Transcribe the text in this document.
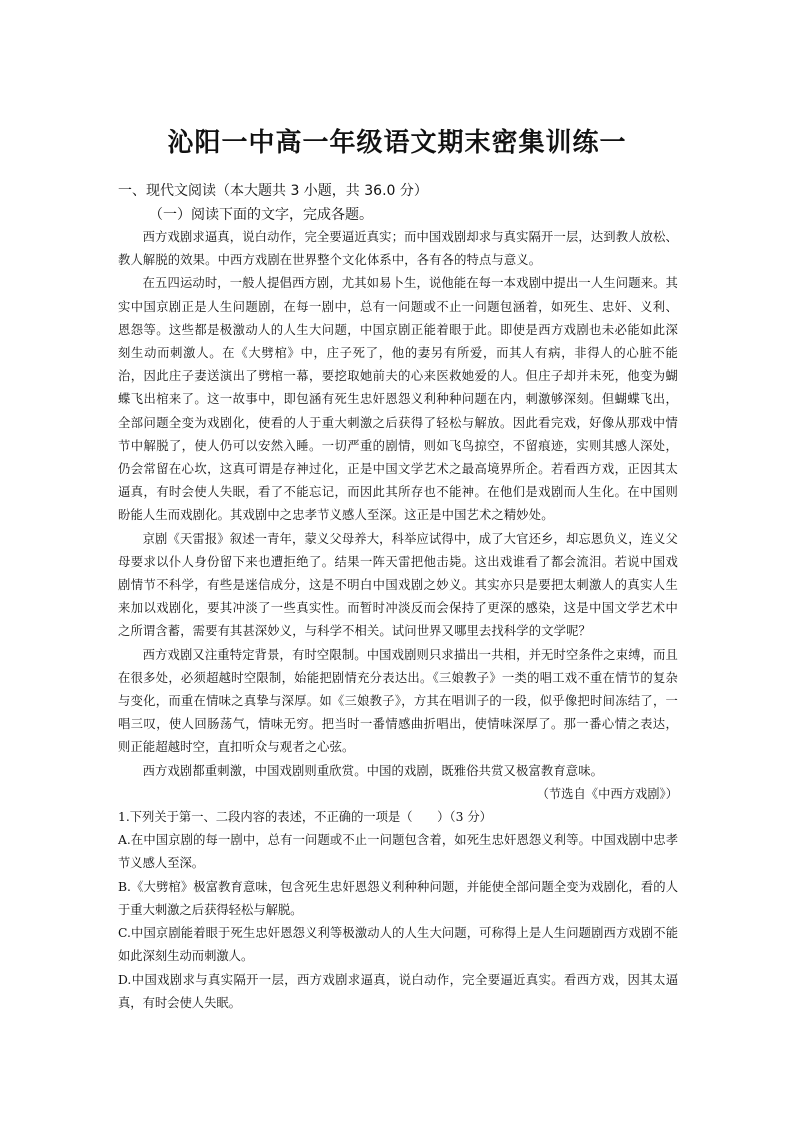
沁阳一中高一年级语文期末密集训练一
一、现代文阅读（本大题共 3 小题，共 36.0 分）
（一）阅读下面的文字，完成各题。

西方戏剧求逼真，说白动作，完全要逼近真实；而中国戏剧却求与真实隔开一层，达到教人放松、教人解脱的效果。中西方戏剧在世界整个文化体系中，各有各的特点与意义。

在五四运动时，一般人提倡西方剧，尤其如易卜生，说他能在每一本戏剧中提出一人生问题来。其实中国京剧正是人生问题剧，在每一剧中，总有一问题或不止一问题包涵着，如死生、忠奸、义利、恩怨等。这些都是极激动人的人生大问题，中国京剧正能着眼于此。即使是西方戏剧也未必能如此深刻生动而刺激人。在《大劈棺》中，庄子死了，他的妻另有所爱，而其人有病，非得人的心脏不能治，因此庄子妻送演出了劈棺一幕，要挖取她前夫的心来医救她爱的人。但庄子却并未死，他变为蝴蝶飞出棺来了。这一故事中，即包涵有死生忠奸恩怨义利种种问题在内，刺激够深刻。但蝴蝶飞出，全部问题全变为戏剧化，使看的人于重大刺激之后获得了轻松与解放。因此看完戏，好像从那戏中情节中解脱了，使人仍可以安然入睡。一切严重的剧情，则如飞鸟掠空，不留痕迹，实则其感人深处，仍会常留在心坎，这真可谓是存神过化，正是中国文学艺术之最高境界所企。若看西方戏，正因其太逼真，有时会使人失眠，看了不能忘记，而因此其所存也不能神。在他们是戏剧而人生化。在中国则盼能人生而戏剧化。其戏剧中之忠孝节义感人至深。这正是中国艺术之精妙处。

京剧《天雷报》叙述一青年，蒙义父母养大，科举应试得中，成了大官还乡，却忘恩负义，连义父母要求以仆人身份留下来也遭拒绝了。结果一阵天雷把他击毙。这出戏谁看了都会流泪。若说中国戏剧情节不科学，有些是迷信成分，这是不明白中国戏剧之妙义。其实亦只是要把太刺激人的真实人生来加以戏剧化，要其冲淡了一些真实性。而暂时冲淡反而会保持了更深的感染，这是中国文学艺术中之所谓含蓄，需要有其甚深妙义，与科学不相关。试问世界又哪里去找科学的文学呢？

西方戏剧又注重特定背景，有时空限制。中国戏剧则只求描出一共相，并无时空条件之束缚，而且在很多处，必须超越时空限制，始能把剧情充分表达出。《三娘教子》一类的唱工戏不重在情节的复杂与变化，而重在情味之真挚与深厚。如《三娘教子》，方其在唱训子的一段，似乎像把时间冻结了，一唱三叹，使人回肠荡气，情味无穷。把当时一番情感曲折唱出，使情味深厚了。那一番心情之表达，则正能超越时空，直扣听众与观者之心弦。

西方戏剧都重刺激，中国戏剧则重欣赏。中国的戏剧，既雅俗共赏又极富教育意味。

（节选自《中西方戏剧》）

1.下列关于第一、二段内容的表述，不正确的一项是（　　）（3 分）

A.在中国京剧的每一剧中，总有一问题或不止一问题包含着，如死生忠奸恩怨义利等。中国戏剧中忠孝节义感人至深。

B.《大劈棺》极富教育意味，包含死生忠奸恩怨义利种种问题，并能使全部问题全变为戏剧化，看的人于重大刺激之后获得轻松与解脱。

C.中国京剧能着眼于死生忠奸恩怨义利等极激动人的人生大问题，可称得上是人生问题剧西方戏剧不能如此深刻生动而刺激人。

D.中国戏剧求与真实隔开一层，西方戏剧求逼真，说白动作，完全要逼近真实。看西方戏，因其太逼真，有时会使人失眠。
